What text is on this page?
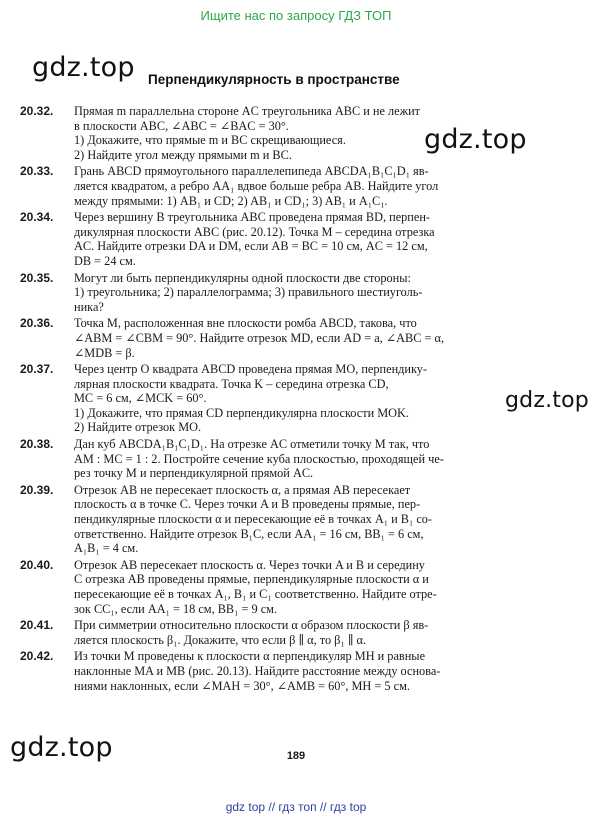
Ищите нас по запросу ГДЗ ТОП
gdz.top
gdz.top
gdz.top
gdz.top
Перпендикулярность в пространстве
20.32. Прямая m параллельна стороне AC треугольника ABC и не лежит
в плоскости ABC, ∠ABC = ∠BAC = 30°.
1) Докажите, что прямые m и BC скрещивающиеся.
2) Найдите угол между прямыми m и BC.
20.33. Грань ABCD прямоугольного параллелепипеда ABCDA₁B₁C₁D₁ яв-
ляется квадратом, а ребро AA₁ вдвое больше ребра AB. Найдите угол
между прямыми: 1) AB₁ и CD; 2) AB₁ и CD₁; 3) AB₁ и A₁C₁.
20.34. Через вершину B треугольника ABC проведена прямая BD, перпен-
дикулярная плоскости ABC (рис. 20.12). Точка M – середина отрезка
AC. Найдите отрезки DA и DM, если AB = BC = 10 см, AC = 12 см,
DB = 24 см.
20.35. Могут ли быть перпендикулярны одной плоскости две стороны:
1) треугольника; 2) параллелограмма; 3) правильного шестиуголь-
ника?
20.36. Точка M, расположенная вне плоскости ромба ABCD, такова, что
∠ABM = ∠CBM = 90°. Найдите отрезок MD, если AD = a, ∠ABC = α,
∠MDB = β.
20.37. Через центр O квадрата ABCD проведена прямая MO, перпендику-
лярная плоскости квадрата. Точка K – середина отрезка CD,
MC = 6 см, ∠MCK = 60°.
1) Докажите, что прямая CD перпендикулярна плоскости MOK.
2) Найдите отрезок MO.
20.38. Дан куб ABCDA₁B₁C₁D₁. На отрезке AC отметили точку M так, что
AM : MC = 1 : 2. Постройте сечение куба плоскостью, проходящей че-
рез точку M и перпендикулярной прямой AC.
20.39. Отрезок AB не пересекает плоскость α, а прямая AB пересекает
плоскость α в точке C. Через точки A и B проведены прямые, пер-
пендикулярные плоскости α и пересекающие её в точках A₁ и B₁ со-
ответственно. Найдите отрезок B₁C, если AA₁ = 16 см, BB₁ = 6 см,
A₁B₁ = 4 см.
20.40. Отрезок AB пересекает плоскость α. Через точки A и B и середину
C отрезка AB проведены прямые, перпендикулярные плоскости α и
пересекающие её в точках A₁, B₁ и C₁ соответственно. Найдите отре-
зок CC₁, если AA₁ = 18 см, BB₁ = 9 см.
20.41. При симметрии относительно плоскости α образом плоскости β яв-
ляется плоскость β₁. Докажите, что если β ∥ α, то β₁ ∥ α.
20.42. Из точки M проведены к плоскости α перпендикуляр MH и равные
наклонные MA и MB (рис. 20.13). Найдите расстояние между основа-
ниями наклонных, если ∠MAH = 30°, ∠AMB = 60°, MH = 5 см.
189
gdz top // гдз топ // гдз top
